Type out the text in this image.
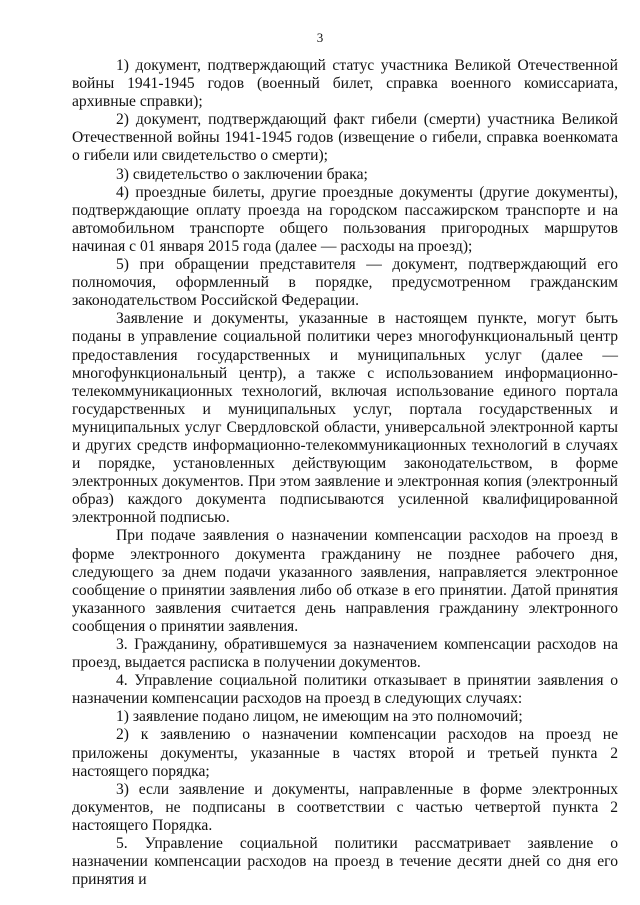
3

1) документ, подтверждающий статус участника Великой Отечественной войны 1941-1945 годов (военный билет, справка военного комиссариата, архивные справки);

2) документ, подтверждающий факт гибели (смерти) участника Великой Отечественной войны 1941-1945 годов (извещение о гибели, справка военкомата о гибели или свидетельство о смерти);

3) свидетельство о заключении брака;

4) проездные билеты, другие проездные документы (другие документы), подтверждающие оплату проезда на городском пассажирском транспорте и на автомобильном транспорте общего пользования пригородных маршрутов начиная с 01 января 2015 года (далее — расходы на проезд);

5) при обращении представителя — документ, подтверждающий его полномочия, оформленный в порядке, предусмотренном гражданским законодательством Российской Федерации.

Заявление и документы, указанные в настоящем пункте, могут быть поданы в управление социальной политики через многофункциональный центр предоставления государственных и муниципальных услуг (далее — многофункциональный центр), а также с использованием информационно-телекоммуникационных технологий, включая использование единого портала государственных и муниципальных услуг, портала государственных и муниципальных услуг Свердловской области, универсальной электронной карты и других средств информационно-телекоммуникационных технологий в случаях и порядке, установленных действующим законодательством, в форме электронных документов. При этом заявление и электронная копия (электронный образ) каждого документа подписываются усиленной квалифицированной электронной подписью.

При подаче заявления о назначении компенсации расходов на проезд в форме электронного документа гражданину не позднее рабочего дня, следующего за днем подачи указанного заявления, направляется электронное сообщение о принятии заявления либо об отказе в его принятии. Датой принятия указанного заявления считается день направления гражданину электронного сообщения о принятии заявления.

3. Гражданину, обратившемуся за назначением компенсации расходов на проезд, выдается расписка в получении документов.

4. Управление социальной политики отказывает в принятии заявления о назначении компенсации расходов на проезд в следующих случаях:

1) заявление подано лицом, не имеющим на это полномочий;

2) к заявлению о назначении компенсации расходов на проезд не приложены документы, указанные в частях второй и третьей пункта 2 настоящего порядка;

3) если заявление и документы, направленные в форме электронных документов, не подписаны в соответствии с частью четвертой пункта 2 настоящего Порядка.

5. Управление социальной политики рассматривает заявление о назначении компенсации расходов на проезд в течение десяти дней со дня его принятия и
